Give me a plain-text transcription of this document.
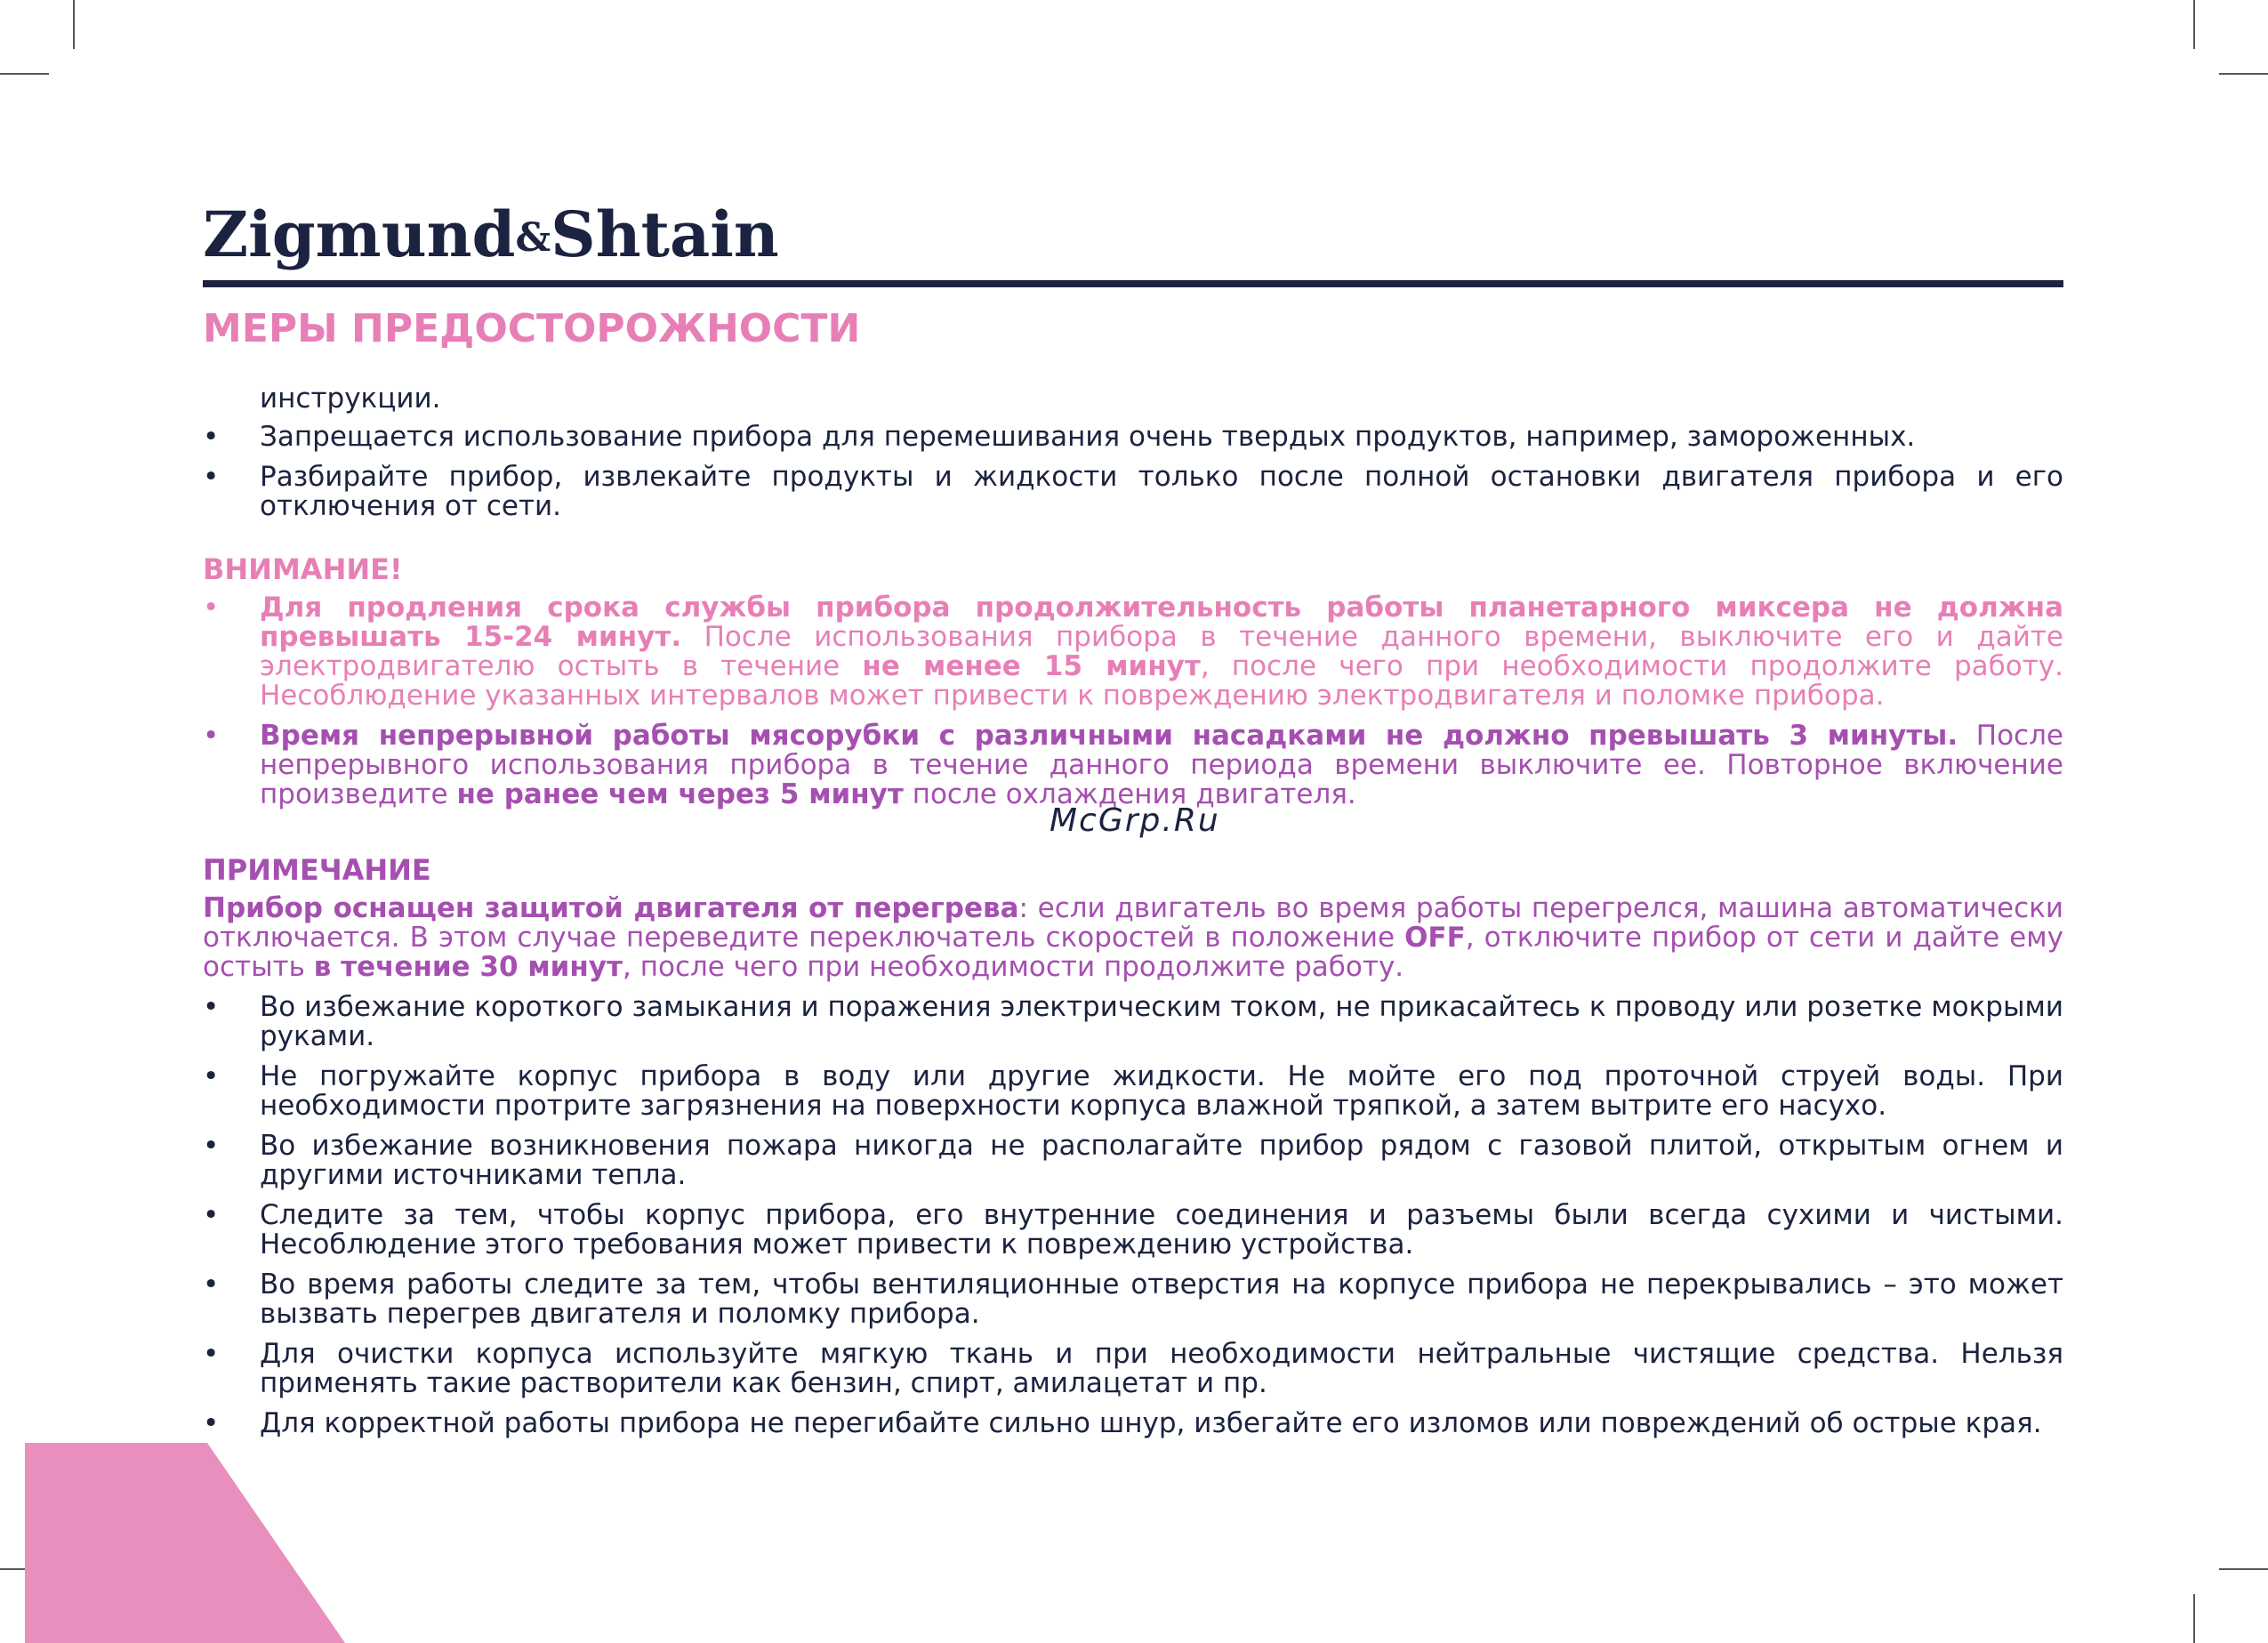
Zigmund&Shtain
МЕРЫ ПРЕДОСТОРОЖНОСТИ
инструкции.
• Запрещается использование прибора для перемешивания очень твердых продуктов, например, замороженных.
• Разбирайте прибор, извлекайте продукты и жидкости только после полной остановки двигателя прибора и его отключения от сети.
ВНИМАНИЕ!
• Для продления срока службы прибора продолжительность работы планетарного миксера не должна превышать 15-24 минут. После использования прибора в течение данного времени, выключите его и дайте электродвигателю остыть в течение не менее 15 минут, после чего при необходимости продолжите работу. Несоблюдение указанных интервалов может привести к повреждению электродвигателя и поломке прибора.
• Время непрерывной работы мясорубки с различными насадками не должно превышать 3 минуты. После непрерывного использования прибора в течение данного периода времени выключите ее. Повторное включение произведите не ранее чем через 5 минут после охлаждения двигателя.
ПРИМЕЧАНИЕ
Прибор оснащен защитой двигателя от перегрева: если двигатель во время работы перегрелся, машина автоматически отключается. В этом случае переведите переключатель скоростей в положение OFF, отключите прибор от сети и дайте ему остыть в течение 30 минут, после чего при необходимости продолжите работу.
• Во избежание короткого замыкания и поражения электрическим током, не прикасайтесь к проводу или розетке мокрыми руками.
• Не погружайте корпус прибора в воду или другие жидкости. Не мойте его под проточной струей воды. При необходимости протрите загрязнения на поверхности корпуса влажной тряпкой, а затем вытрите его насухо.
• Во избежание возникновения пожара никогда не располагайте прибор рядом с газовой плитой, открытым огнем и другими источниками тепла.
• Следите за тем, чтобы корпус прибора, его внутренние соединения и разъемы были всегда сухими и чистыми. Несоблюдение этого требования может привести к повреждению устройства.
• Во время работы следите за тем, чтобы вентиляционные отверстия на корпусе прибора не перекрывались – это может вызвать перегрев двигателя и поломку прибора.
• Для очистки корпуса используйте мягкую ткань и при необходимости нейтральные чистящие средства. Нельзя применять такие растворители как бензин, спирт, амилацетат и пр.
• Для корректной работы прибора не перегибайте сильно шнур, избегайте его изломов или повреждений об острые края.
McGrp.Ru
